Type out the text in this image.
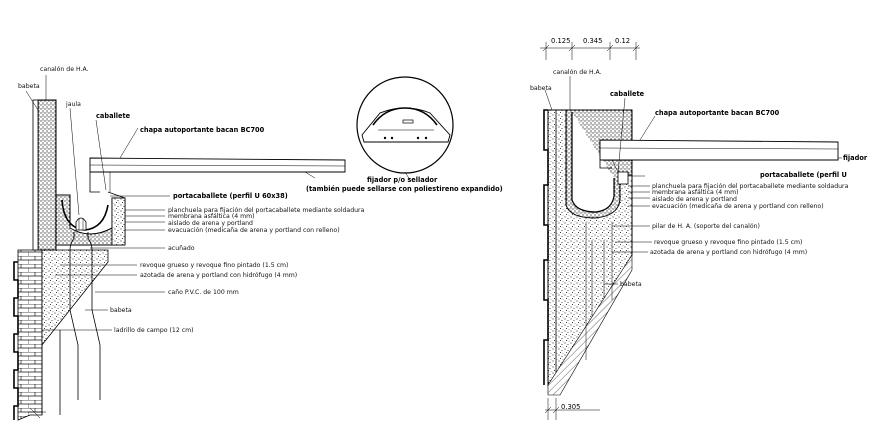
canalón de H.A.
babeta
jaula
caballete
chapa autoportante bacan BC700
fijador p/o sellador
(también puede sellarse con poliestireno expandido)
portacaballete (perfil U 60x38)
planchuela para fijación del portacaballete mediante soldadura
membrana asfáltica (4 mm)
aislado de arena y portland
evacuación (medicaña de arena y portland con relleno)
acuñado
revoque grueso y revoque fino pintado (1.5 cm)
azotada de arena y portland con hidrófugo (4 mm)
caño P.V.C. de 100 mm
babeta
ladrillo de campo (12 cm)
0.125 0.345 0.12
0.305
canalón de H.A.
babeta
caballete
chapa autoportante bacan BC700
fijador
portacaballete (perfil U
planchuela para fijación del portacaballete mediante soldadura
membrana asfáltica (4 mm)
aislado de arena y portland
evacuación (medicaña de arena y portland con relleno)
pilar de H. A. (soporte del canalón)
revoque grueso y revoque fino pintado (1.5 cm)
azotada de arena y portland con hidrófugo (4 mm)
babeta
